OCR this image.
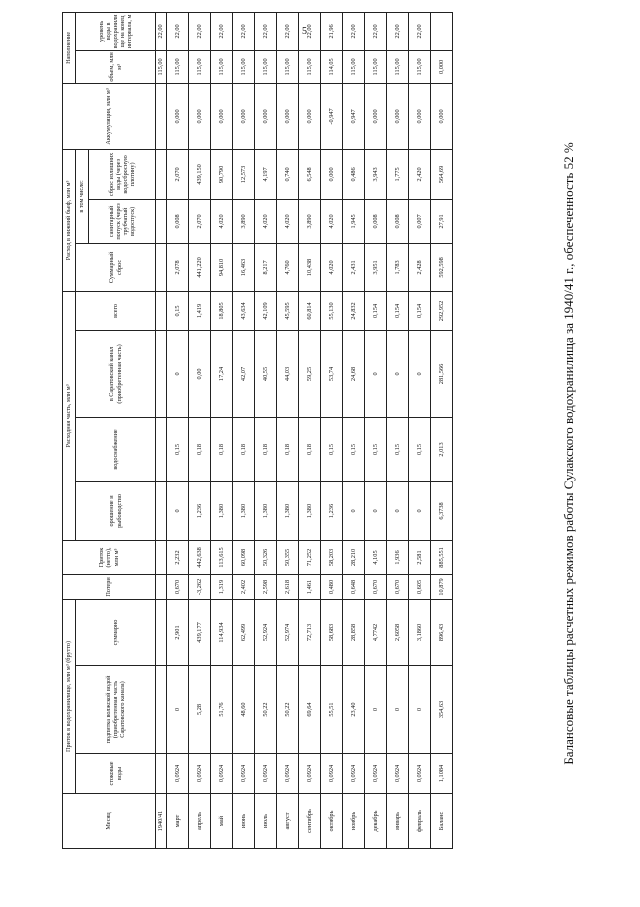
5
Балансовые таблицы расчетных режимов работы Сулакского водохранилища за 1940/41 г., обеспеченность 52 %
Месяц	Приток в водохранилище, млн м³ (брутто)			Потери	Приток (нетто), млн м³	Расходная часть, млн м³				Расход в нижний бьеф, млн м³			Аккумуляция, млн м³	Наполнение	
	стоковые воды	подпитка волжской водой (приобретенная часть Саратовского канала)	суммарно			орошение и рыбоводство	водоснабжение	в Саратовский канал (приобретенная часть)	всего	Суммарный сброс	в том числе:			объем, млн м³	уровень воды в водохранилище на конец интервала, м
											санитарный попуск (через трубчатый водоспуск)	сброс излишних воды (через водосбросную плотину)			
1940/41														115,00	22,00
март	0,0924	0	2,901	0,670	2,232	0	0,15	0	0,15	2,078	0,008	2,070	0,000	115,00	22,00
апрель	0,0924	5,28	439,177	-3,262	442,638	1,236	0,18	0,00	1,419	441,220	2,070	439,150	0,000	115,00	22,00
май	0,0924	51,76	114,934	1,319	113,615	1,380	0,18	17,24	18,805	94,810	4,020	90,790	0,000	115,00	22,00
июнь	0,0924	48,60	62,499	2,402	60,098	1,380	0,18	42,07	43,634	16,463	3,890	12,573	0,000	115,00	22,00
июль	0,0924	50,22	52,924	2,598	50,326	1,380	0,18	40,55	42,109	8,217	4,020	4,197	0,000	115,00	22,00
август	0,0924	50,22	52,974	2,618	50,355	1,380	0,18	44,03	45,595	4,760	4,020	0,740	0,000	115,00	22,00
сентябрь	0,0924	69,64	72,713	1,461	71,252	1,380	0,18	59,25	60,814	10,438	3,890	6,548	0,000	115,00	22,00
октябрь	0,0924	55,51	58,683	0,480	58,203	1,236	0,15	53,74	55,130	4,020	4,020	0,000	-0,947	114,05	21,96
ноябрь	0,0924	23,40	28,858	0,648	28,210	0	0,15	24,68	24,832	2,431	1,945	0,486	0,947	115,00	22,00
декабрь	0,0924	0	4,7742	0,670	4,105	0	0,15	0	0,154	3,951	0,008	3,943	0,000	115,00	22,00
январь	0,0924	0	2,6058	0,670	1,936	0	0,15	0	0,154	1,783	0,008	1,775	0,000	115,00	22,00
февраль	0,0924	0	3,1860	0,605	2,581	0	0,15	0	0,154	2,428	0,007	2,420	0,000	115,00	22,00
Баланс	1,1084	354,63	896,43	10,879	885,551	6,3738	2,013	281,566	292,952	592,598	27,91	564,69	0,000	0,000	
